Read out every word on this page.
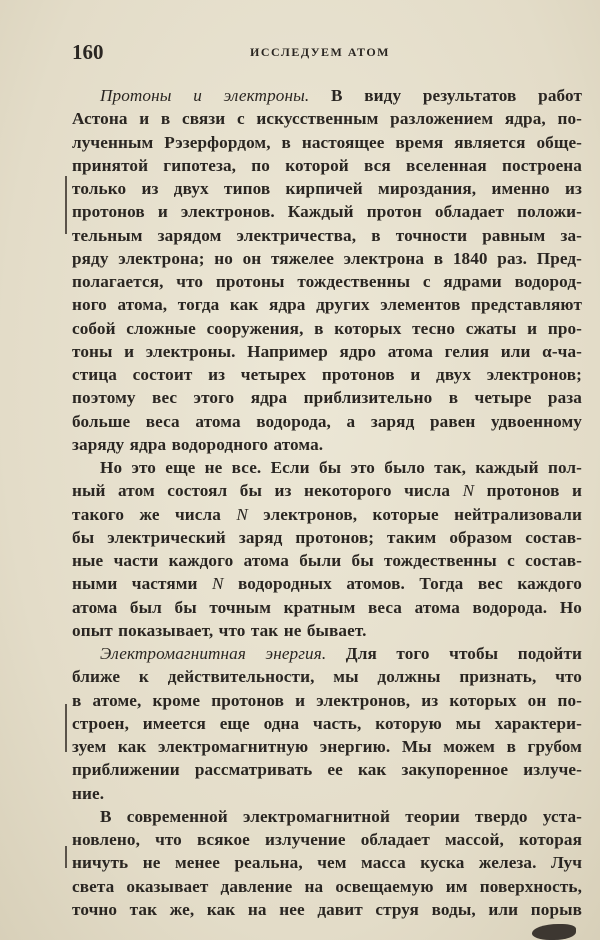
160	ИССЛЕДУЕМ АТОМ
Протоны и электроны. В виду результатов работ
Астона и в связи с искусственным разложением ядра, по-
лученным Рэзерфордом, в настоящее время является обще-
принятой гипотеза, по которой вся вселенная построена
только из двух типов кирпичей мироздания, именно из
протонов и электронов. Каждый протон обладает положи-
тельным зарядом электричества, в точности равным за-
ряду электрона; но он тяжелее электрона в 1840 раз. Пред-
полагается, что протоны тождественны с ядрами водород-
ного атома, тогда как ядра других элементов представляют
собой сложные сооружения, в которых тесно сжаты и про-
тоны и электроны. Например ядро атома гелия или α-ча-
стица состоит из четырех протонов и двух электронов;
поэтому вес этого ядра приблизительно в четыре раза
больше веса атома водорода, а заряд равен удвоенному
заряду ядра водородного атома.
Но это еще не все. Если бы это было так, каждый пол-
ный атом состоял бы из некоторого числа N протонов и
такого же числа N электронов, которые нейтрализовали
бы электрический заряд протонов; таким образом состав-
ные части каждого атома были бы тождественны с состав-
ными частями N водородных атомов. Тогда вес каждого
атома был бы точным кратным веса атома водорода. Но
опыт показывает, что так не бывает.
Электромагнитная энергия. Для того чтобы подойти
ближе к действительности, мы должны признать, что
в атоме, кроме протонов и электронов, из которых он по-
строен, имеется еще одна часть, которую мы характери-
зуем как электромагнитную энергию. Мы можем в грубом
приближении рассматривать ее как закупоренное излуче-
ние.
В современной электромагнитной теории твердо уста-
новлено, что всякое излучение обладает массой, которая
ничуть не менее реальна, чем масса куска железа. Луч
света оказывает давление на освещаемую им поверхность,
точно так же, как на нее давит струя воды, или порыв
